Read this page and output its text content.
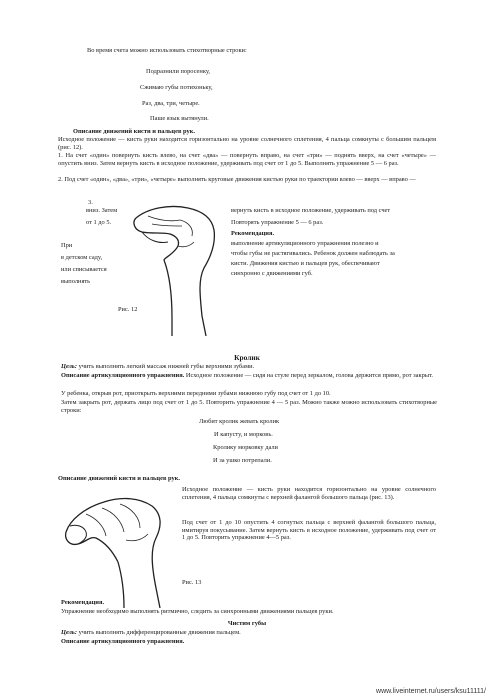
Во время счета можно использовать стихотворные строки:
Подразнили поросенку,
Сжимаю губы потихоньку,
Раз, два, три, четыре.
Паше язык вытянули.
Описание движений кисти и пальцев рук.
Исходное положение — кисть руки находится горизонтально на уровне солнечного сплетения, 4 пальца сомкнуты с большим пальцем (рис. 12).
1. На счет «один» повернуть кисть влево, на счет «два» — повернуть вправо, на счет «три» — поднять вверх, на счет «четыре» — опустить вниз. Затем вернуть кисть в исходное положение, удерживать под счет от 1 до 5. Выполнять упражнение 5 — 6 раз.
2. Под счет «один», «два», «три», «четыре» выполнять круговые движения кистью руки по траектории влево — вверх — вправо —
3.
вниз. Затем
от 1 до 5.
вернуть кисть в исходное положение, удерживать под счет
Повторять упражнение 5 — 6 раз.
Рекомендация.
выполнение артикуляционного упражнения полезно и
чтобы губы не растягивались. Ребенок должен наблюдать за
кисти. Движения кистью и пальцев рук, обеспечивают
синхронно с движениями губ.
При
в детском саду,
или списывается
выполнять
Рис. 12
Кролик
Цель: учить выполнять легкий массаж нижней губы верхними зубами.
Описание артикуляционного упражнения. Исходное положение — сидя на стуле перед зеркалом, голова держится прямо, рот закрыт.
У ребенка, открыв рот, приоткрыть верхними передними зубами нижнюю губу под счет от 1 до 10.
Затем закрыть рот, держать лицо под счет от 1 до 5. Повторить упражнение 4 — 5 раз. Можно также можно использовать стихотворные строки:
Любит кролик жевать кролик
И капусту, и морковь.
Кролику морковку дали
И за ушко потрепали.
Описание движений кисти и пальцев рук.
Исходное положение — кисть руки находится горизонтально на уровне солнечного сплетения, 4 пальца сомкнуты с верхней фалангой большого пальца (рис. 13).
Под счет от 1 до 10 опустить 4 согнутых пальца с верхней фалангой большого пальца, имитируя покусывание. Затем вернуть кисть в исходное положение, удерживать под счет от 1 до 5. Повторить упражнение 4—5 раз.
Рис. 13
Рекомендация.
Упражнение необходимо выполнять ритмично, следить за синхронными движениями пальцев руки.
Чистим губы
Цель: учить выполнять дифференцированные движения пальцем.
Описание артикуляционного упражнения.
www.liveinternet.ru/users/ksu11111/
